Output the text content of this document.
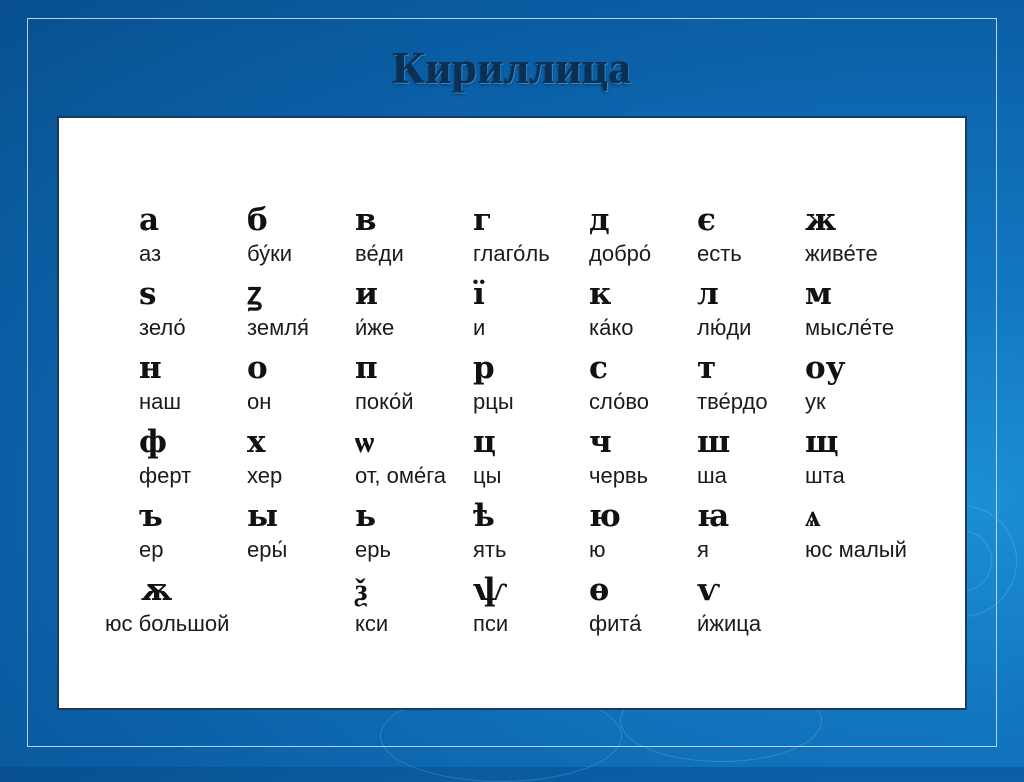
Кириллица
а
аз
б
бу́ки
в
ве́ди
г
глаго́ль
д
добро́
є
есть
ж
живе́те
ѕ
зело́
ꙁ
земля́
и
и́же
ї
и
к
ка́ко
л
лю́ди
м
мысле́те
н
наш
о
он
п
поко́й
р
рцы
с
сло́во
т
тве́рдо
оу
ук
ф
ферт
х
хер
ѡ
от, оме́га
ц
цы
ч
червь
ш
ша
щ
шта
ъ
ер
ы
еры́
ь
ерь
ѣ
ять
ю
ю
ꙗ
я
ѧ
юс малый
ѫ
юс большой
ѯ
кси
ѱ
пси
ѳ
фита́
ѵ
и́жица
